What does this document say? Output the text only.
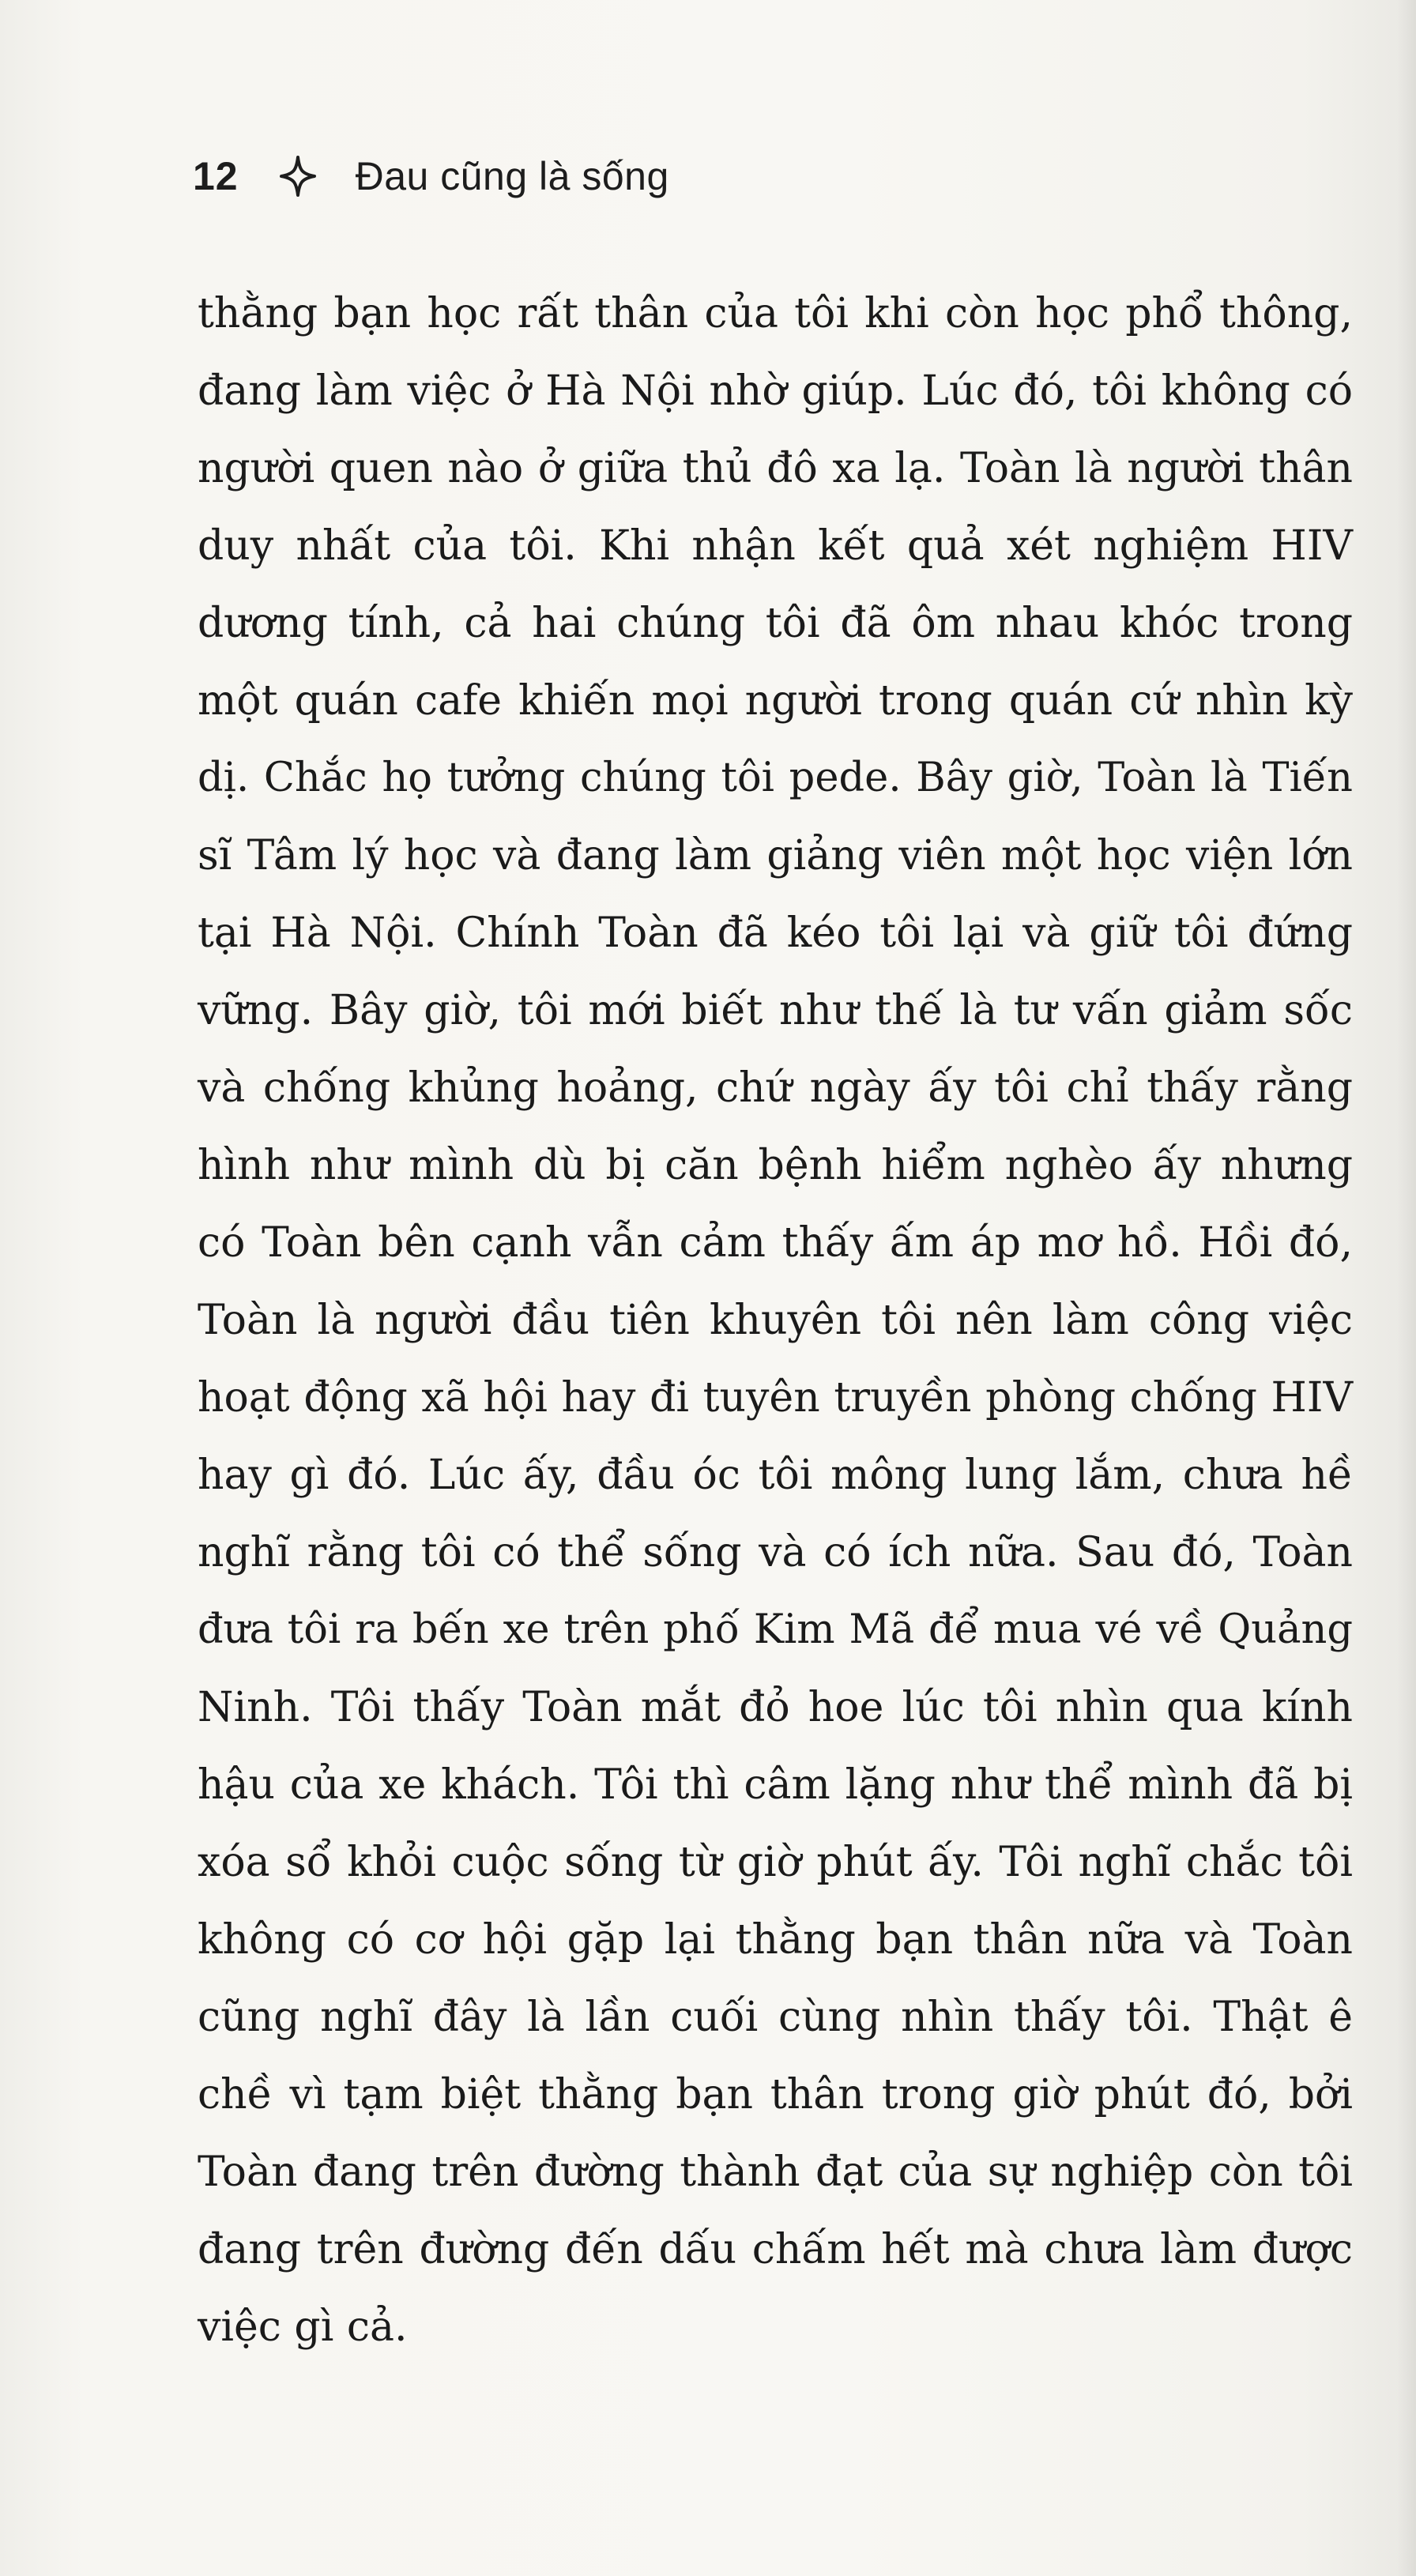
12	Đau cũng là sống
thằng bạn học rất thân của tôi khi còn học phổ thông,
đang làm việc ở Hà Nội nhờ giúp. Lúc đó, tôi không có
người quen nào ở giữa thủ đô xa lạ. Toàn là người thân
duy nhất của tôi. Khi nhận kết quả xét nghiệm HIV
dương tính, cả hai chúng tôi đã ôm nhau khóc trong
một quán cafe khiến mọi người trong quán cứ nhìn kỳ
dị. Chắc họ tưởng chúng tôi pede. Bây giờ, Toàn là Tiến
sĩ Tâm lý học và đang làm giảng viên một học viện lớn
tại Hà Nội. Chính Toàn đã kéo tôi lại và giữ tôi đứng
vững. Bây giờ, tôi mới biết như thế là tư vấn giảm sốc
và chống khủng hoảng, chứ ngày ấy tôi chỉ thấy rằng
hình như mình dù bị căn bệnh hiểm nghèo ấy nhưng
có Toàn bên cạnh vẫn cảm thấy ấm áp mơ hồ. Hồi đó,
Toàn là người đầu tiên khuyên tôi nên làm công việc
hoạt động xã hội hay đi tuyên truyền phòng chống HIV
hay gì đó. Lúc ấy, đầu óc tôi mông lung lắm, chưa hề
nghĩ rằng tôi có thể sống và có ích nữa. Sau đó, Toàn
đưa tôi ra bến xe trên phố Kim Mã để mua vé về Quảng
Ninh. Tôi thấy Toàn mắt đỏ hoe lúc tôi nhìn qua kính
hậu của xe khách. Tôi thì câm lặng như thể mình đã bị
xóa sổ khỏi cuộc sống từ giờ phút ấy. Tôi nghĩ chắc tôi
không có cơ hội gặp lại thằng bạn thân nữa và Toàn
cũng nghĩ đây là lần cuối cùng nhìn thấy tôi. Thật ê
chề vì tạm biệt thằng bạn thân trong giờ phút đó, bởi
Toàn đang trên đường thành đạt của sự nghiệp còn tôi
đang trên đường đến dấu chấm hết mà chưa làm được
việc gì cả.
